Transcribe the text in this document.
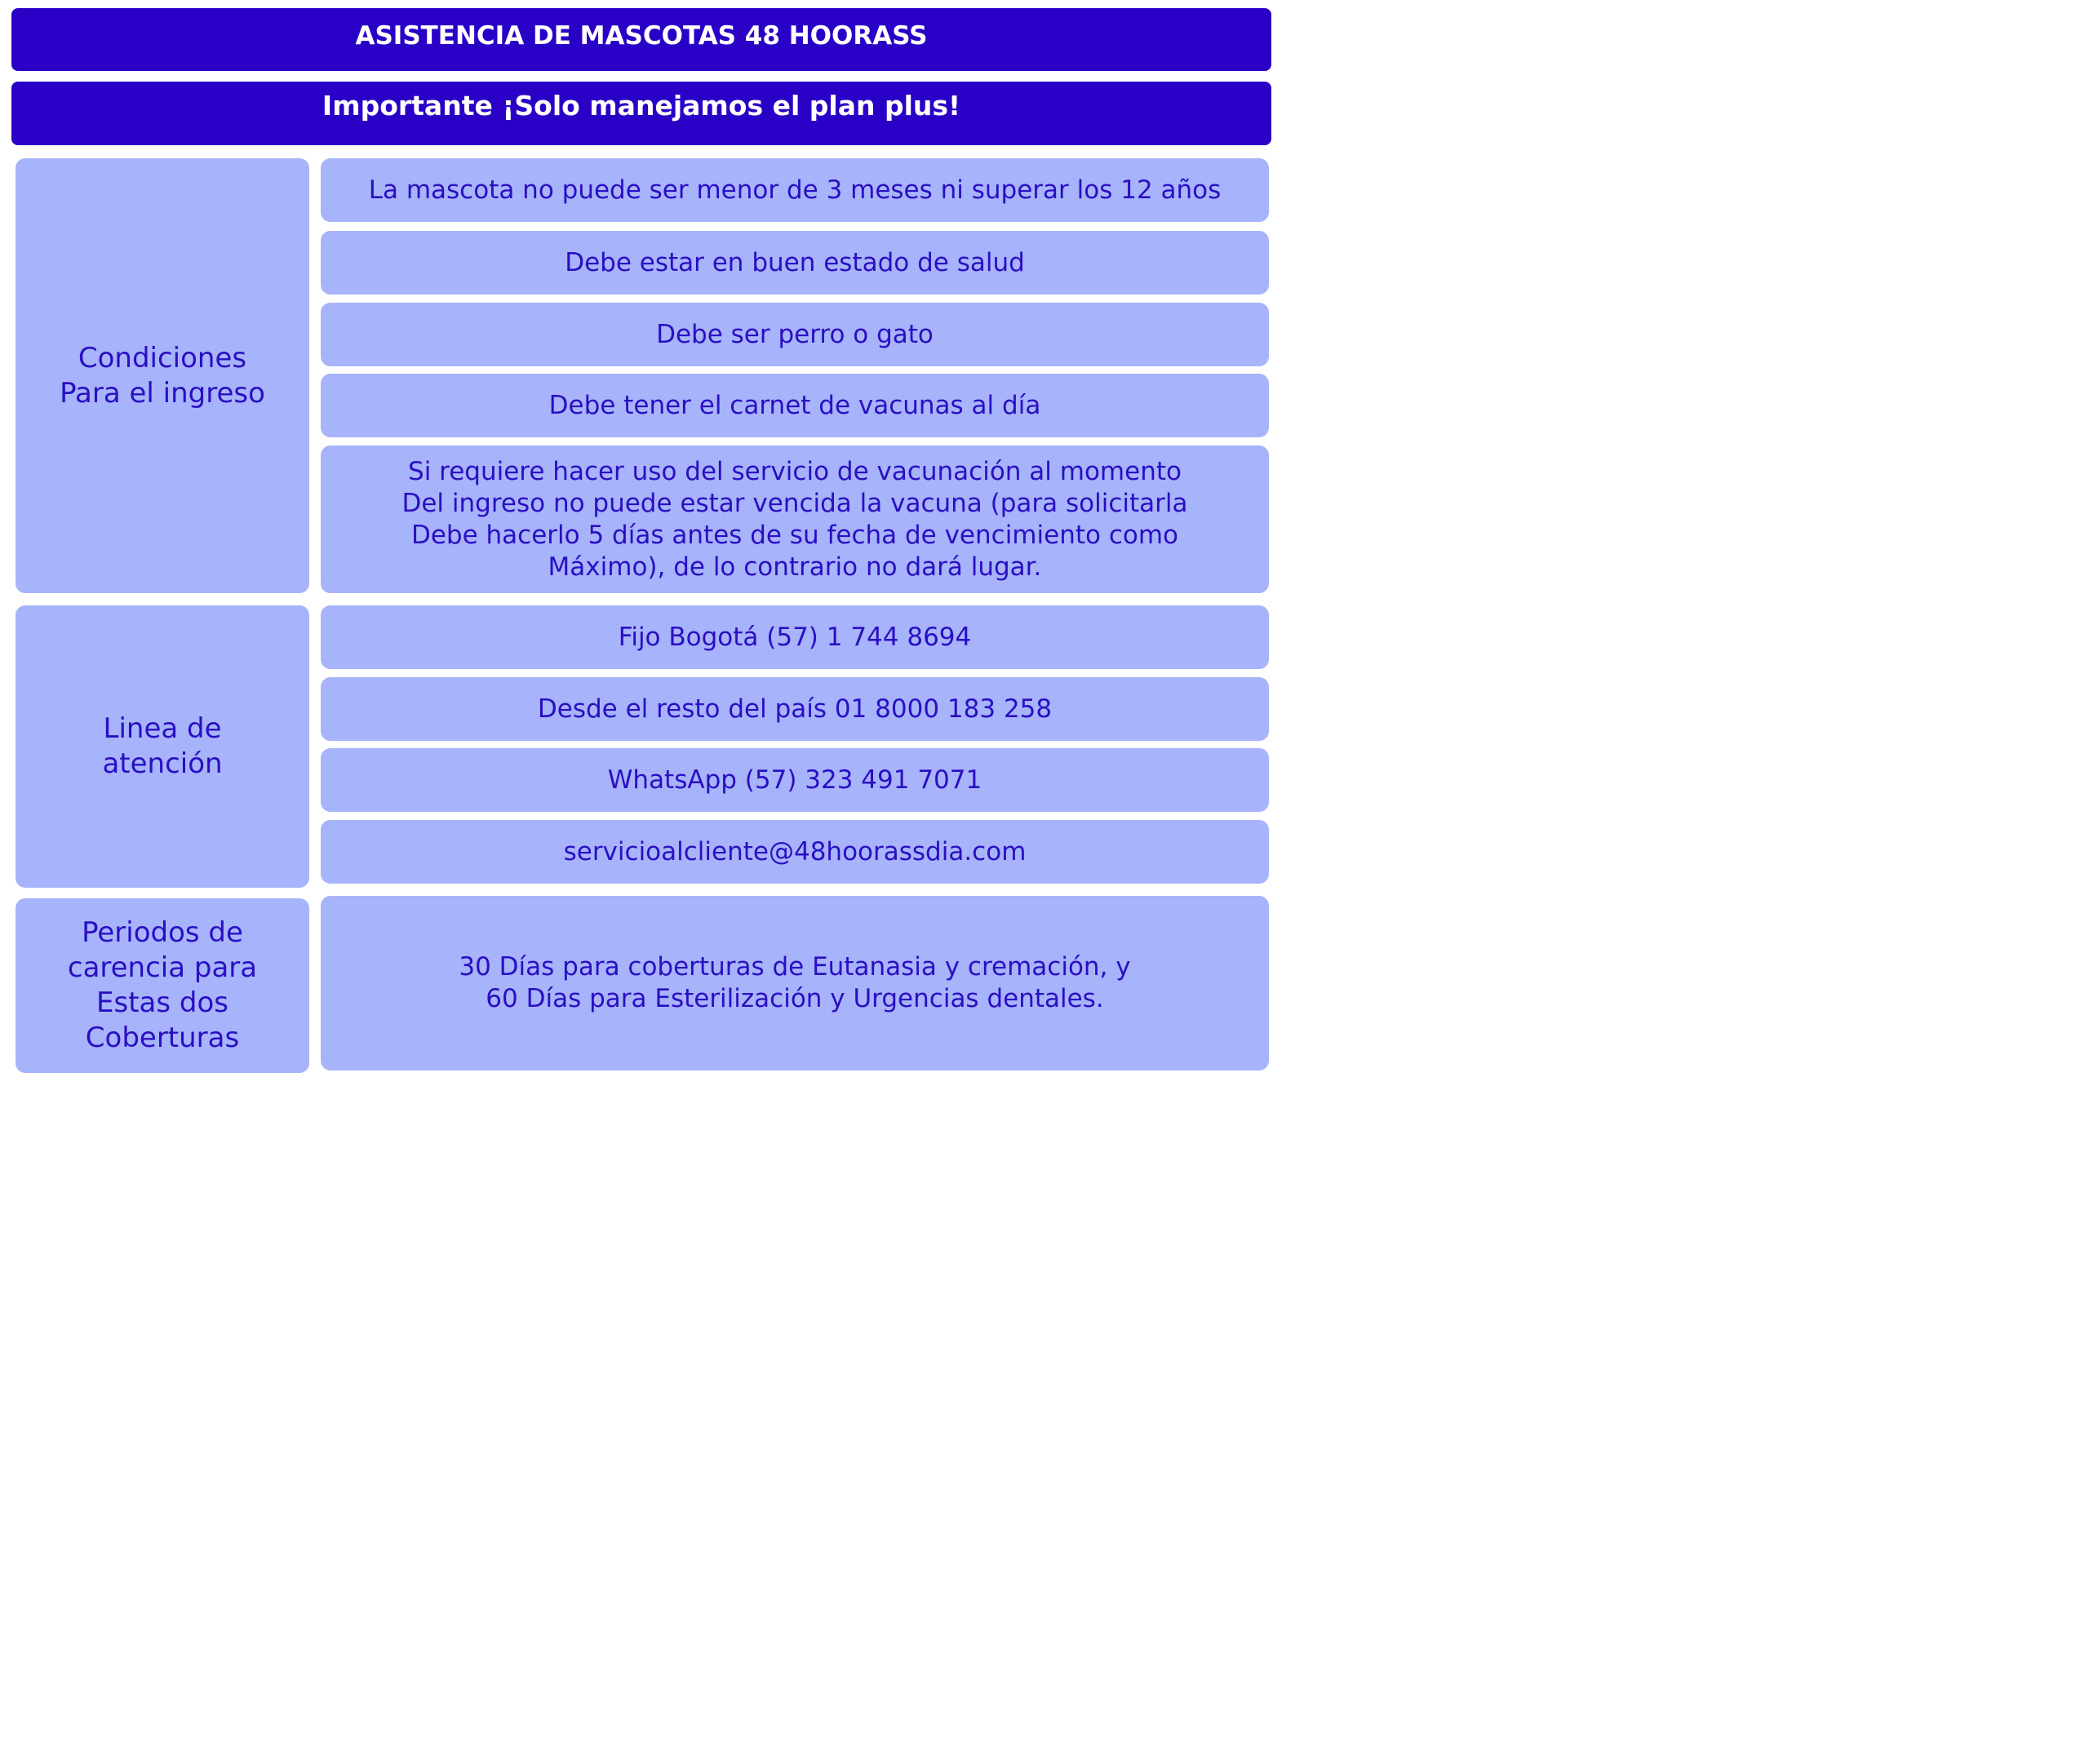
ASISTENCIA DE MASCOTAS 48 HOORASS
Importante ¡Solo manejamos el plan plus!
Condiciones
Para el ingreso
La mascota no puede ser menor de 3 meses ni superar los 12 años
Debe estar en buen estado de salud
Debe ser perro o gato
Debe tener el carnet de vacunas al día
Si requiere hacer uso del servicio de vacunación al momento
Del ingreso no puede estar vencida la vacuna (para solicitarla
Debe hacerlo 5 días antes de su fecha de vencimiento como
Máximo), de lo contrario no dará lugar.
Linea de
atención
Fijo Bogotá (57) 1 744 8694
Desde el resto del país 01 8000 183 258
WhatsApp (57) 323 491 7071
servicioalcliente@48hoorassdia.com
Periodos de
carencia para
Estas dos
Coberturas
30 Días para coberturas de Eutanasia y cremación, y
60 Días para Esterilización y Urgencias dentales.
